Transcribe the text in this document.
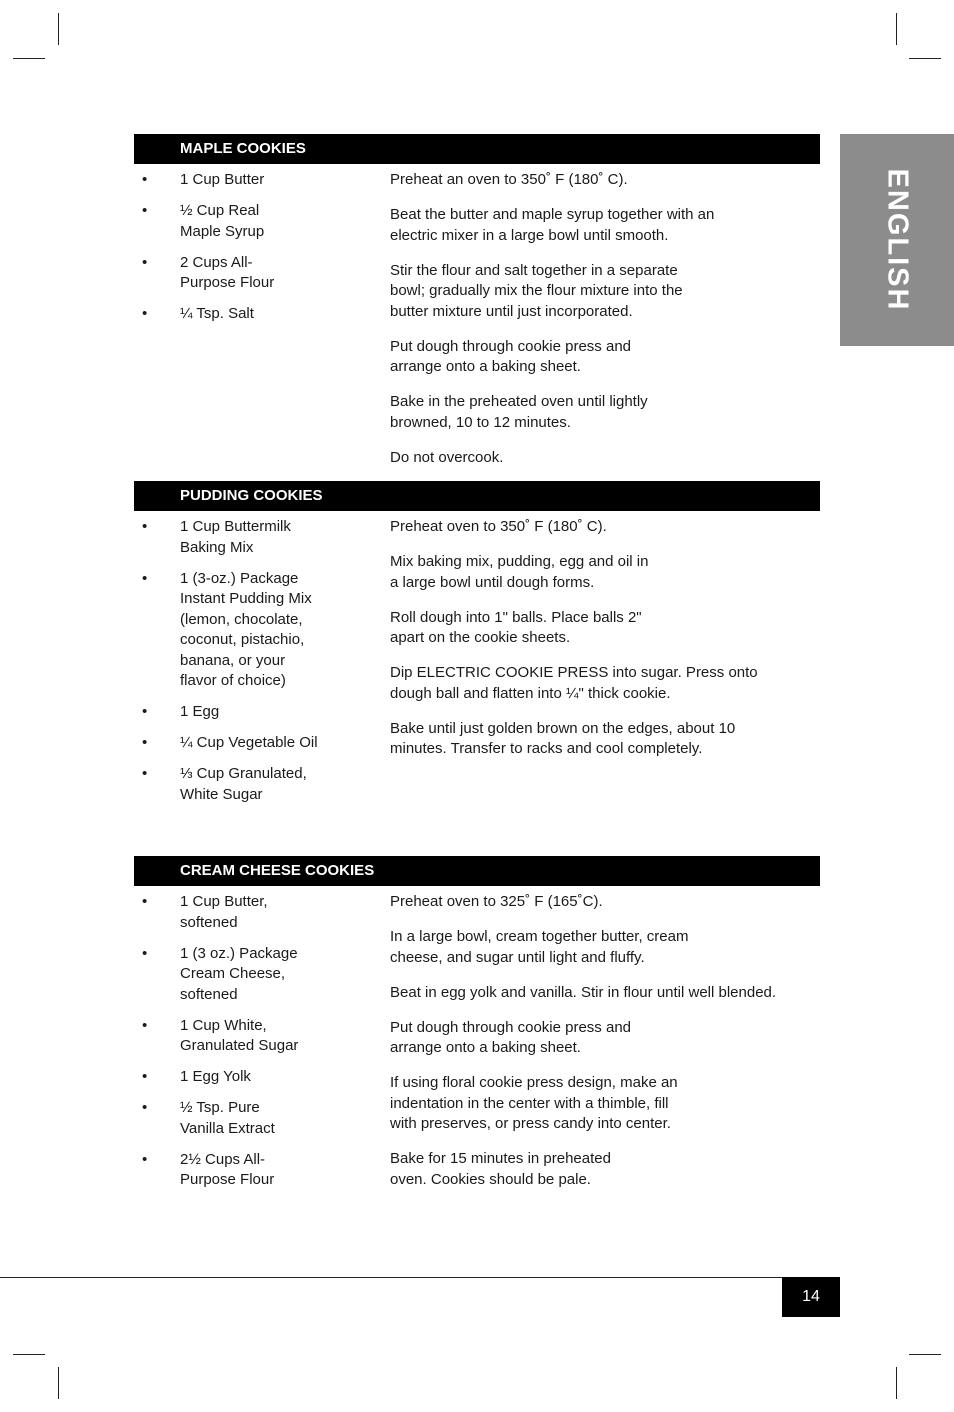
ENGLISH
MAPLE COOKIES
• 1 Cup Butter
• ½ Cup Real
Maple Syrup
• 2 Cups All-
Purpose Flour
• ¼ Tsp. Salt

Preheat an oven to 350˚ F (180˚ C).

Beat the butter and maple syrup together with an
electric mixer in a large bowl until smooth.

Stir the flour and salt together in a separate
bowl; gradually mix the flour mixture into the
butter mixture until just incorporated.

Put dough through cookie press and
arrange onto a baking sheet.

Bake in the preheated oven until lightly
browned, 10 to 12 minutes.

Do not overcook.

PUDDING COOKIES
• 1 Cup Buttermilk
Baking Mix
• 1 (3-oz.) Package
Instant Pudding Mix
(lemon, chocolate,
coconut, pistachio,
banana, or your
flavor of choice)
• 1 Egg
• ¼ Cup Vegetable Oil
• ⅓ Cup Granulated,
White Sugar

Preheat oven to 350˚ F (180˚ C).

Mix baking mix, pudding, egg and oil in
a large bowl until dough forms.

Roll dough into 1" balls. Place balls 2"
apart on the cookie sheets.

Dip ELECTRIC COOKIE PRESS into sugar. Press onto
dough ball and flatten into ¼" thick cookie.

Bake until just golden brown on the edges, about 10
minutes. Transfer to racks and cool completely.

CREAM CHEESE COOKIES
• 1 Cup Butter,
softened
• 1 (3 oz.) Package
Cream Cheese,
softened
• 1 Cup White,
Granulated Sugar
• 1 Egg Yolk
• ½ Tsp. Pure
Vanilla Extract
• 2½ Cups All-
Purpose Flour

Preheat oven to 325˚ F (165˚C).

In a large bowl, cream together butter, cream
cheese, and sugar until light and fluffy.

Beat in egg yolk and vanilla. Stir in flour until well blended.

Put dough through cookie press and
arrange onto a baking sheet.

If using floral cookie press design, make an
indentation in the center with a thimble, fill
with preserves, or press candy into center.

Bake for 15 minutes in preheated
oven. Cookies should be pale.

14
